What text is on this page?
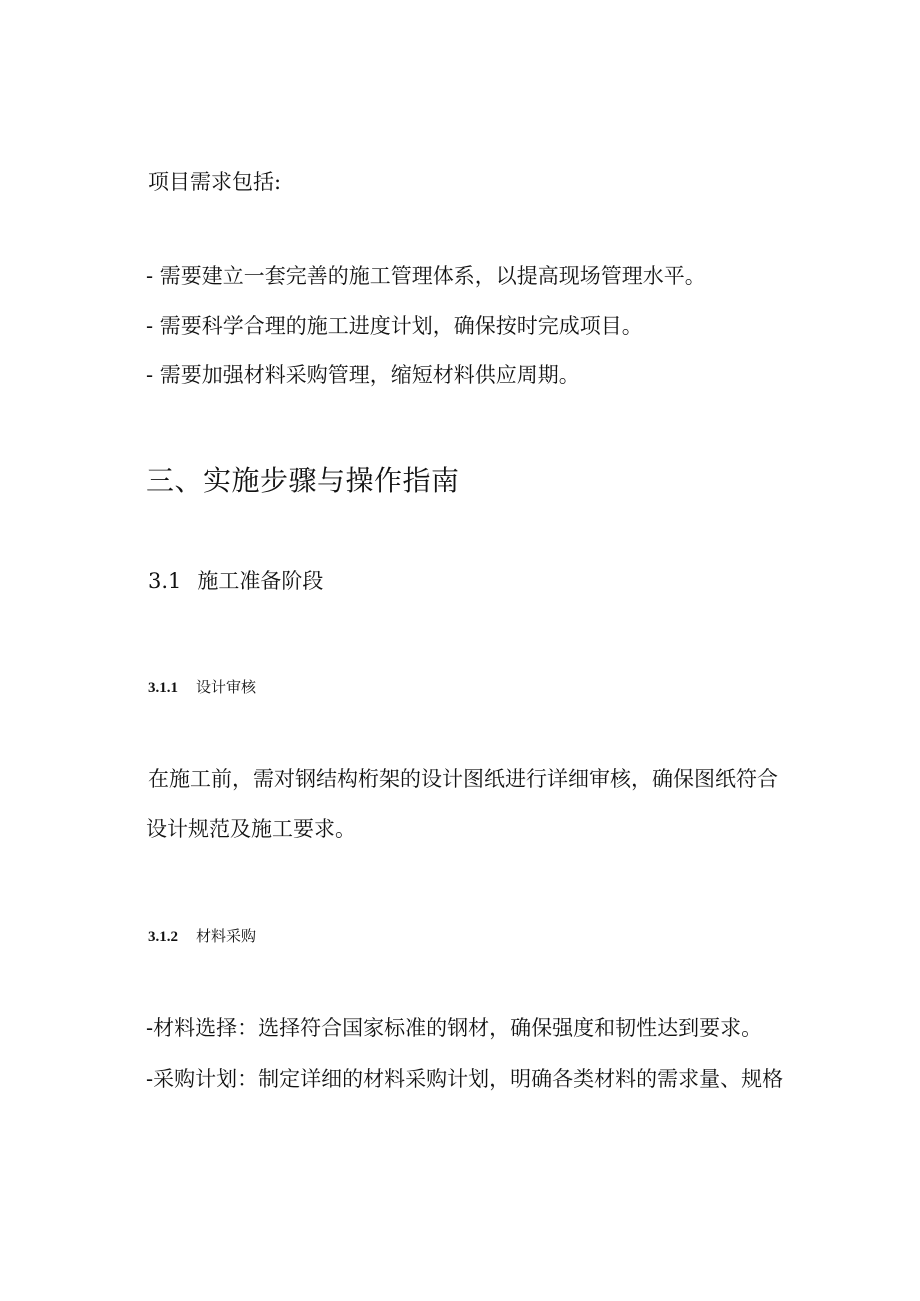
项目需求包括:
- 需要建立一套完善的施工管理体系，以提高现场管理水平。
- 需要科学合理的施工进度计划，确保按时完成项目。
- 需要加强材料采购管理，缩短材料供应周期。
三、实施步骤与操作指南
3.1 施工准备阶段
3.1.1 设计审核
在施工前，需对钢结构桁架的设计图纸进行详细审核，确保图纸符合
设计规范及施工要求。
3.1.2 材料采购
-材料选择：选择符合国家标准的钢材，确保强度和韧性达到要求。
-采购计划：制定详细的材料采购计划，明确各类材料的需求量、规格
